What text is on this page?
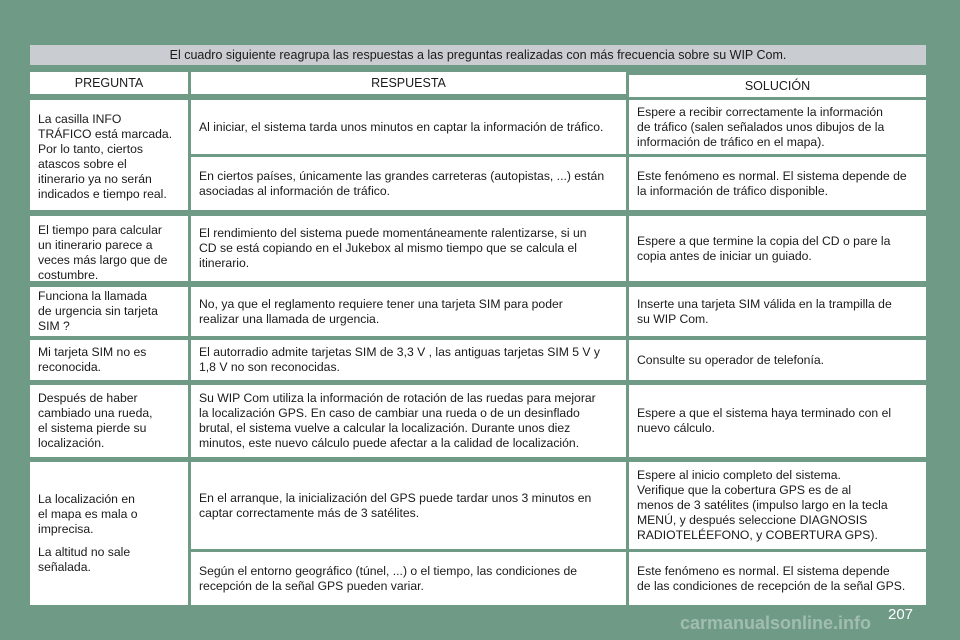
El cuadro siguiente reagrupa las respuestas a las preguntas realizadas con más frecuencia sobre su WIP Com.
PREGUNTA	RESPUESTA	SOLUCIÓN
La casilla INFO
TRÁFICO está marcada.
Por lo tanto, ciertos
atascos sobre el
itinerario ya no serán
indicados e tiempo real.
Al iniciar, el sistema tarda unos minutos en captar la información de tráfico.
Espere a recibir correctamente la información
de tráfico (salen señalados unos dibujos de la
información de tráfico en el mapa).
En ciertos países, únicamente las grandes carreteras (autopistas, ...) están
asociadas al información de tráfico.
Este fenómeno es normal. El sistema depende de
la información de tráfico disponible.
El tiempo para calcular
un itinerario parece a
veces más largo que de
costumbre.
El rendimiento del sistema puede momentáneamente ralentizarse, si un
CD se está copiando en el Jukebox al mismo tiempo que se calcula el
itinerario.
Espere a que termine la copia del CD o pare la
copia antes de iniciar un guiado.
Funciona la llamada
de urgencia sin tarjeta
SIM ?
No, ya que el reglamento requiere tener una tarjeta SIM para poder
realizar una llamada de urgencia.
Inserte una tarjeta SIM válida en la trampilla de
su WIP Com.
Mi tarjeta SIM no es
reconocida.
El autorradio admite tarjetas SIM de 3,3 V , las antiguas tarjetas SIM 5 V y
1,8 V no son reconocidas.
Consulte su operador de telefonía.
Después de haber
cambiado una rueda,
el sistema pierde su
localización.
Su WIP Com utiliza la información de rotación de las ruedas para mejorar
la localización GPS. En caso de cambiar una rueda o de un desinflado
brutal, el sistema vuelve a calcular la localización. Durante unos diez
minutos, este nuevo cálculo puede afectar a la calidad de localización.
Espere a que el sistema haya terminado con el
nuevo cálculo.
La localización en
el mapa es mala o
imprecisa.
La altitud no sale
señalada.
En el arranque, la inicialización del GPS puede tardar unos 3 minutos en
captar correctamente más de 3 satélites.
Espere al inicio completo del sistema.
Verifique que la cobertura GPS es de al
menos de 3 satélites (impulso largo en la tecla
MENÚ, y después seleccione DIAGNOSIS
RADIOTELÉEFONO, y COBERTURA GPS).
Según el entorno geográfico (túnel, ...) o el tiempo, las condiciones de
recepción de la señal GPS pueden variar.
Este fenómeno es normal. El sistema depende
de las condiciones de recepción de la señal GPS.
carmanualsonline.info 207
